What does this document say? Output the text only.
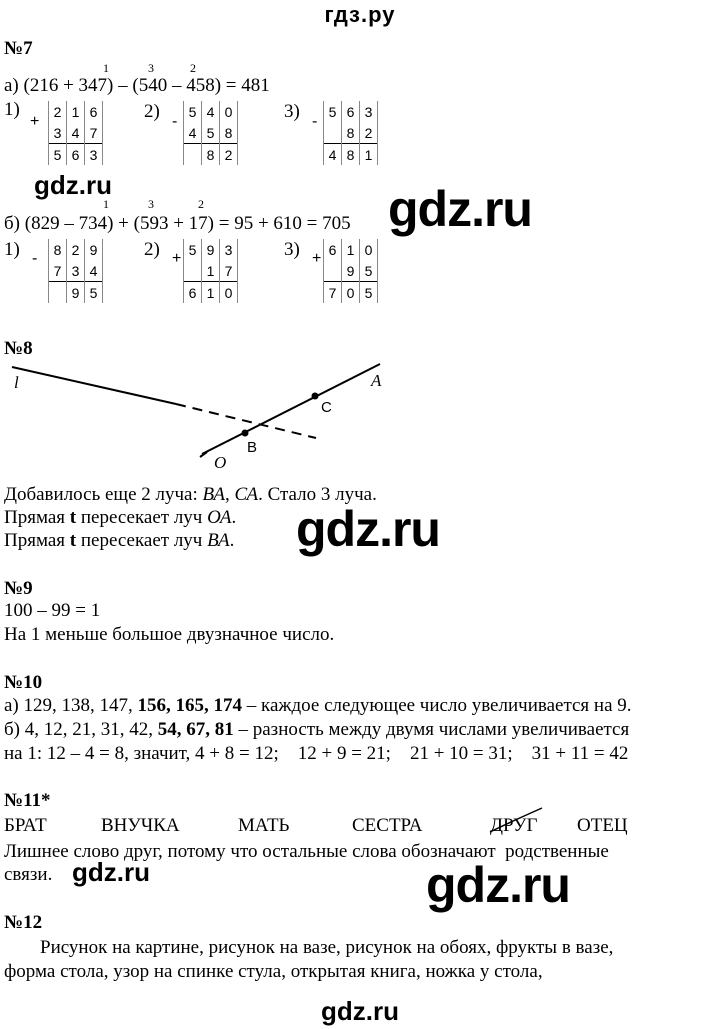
гдз.ру
№7
1	3	2
а) (216 + 347) – (540 – 458) = 481
1)	2)	3)
+	-	-
2	1	6
3	4	7
5	6	3
5	4	0
4	5	8
	8	2
5	6	3
	8	2
4	8	1
gdz.ru	gdz.ru
1	3	2
б) (829 – 734) + (593 + 17) = 95 + 610 = 705
1)	2)	3)
-	+	+
8	2	9
7	3	4
	9	5
5	9	3
	1	7
6	1	0
6	1	0
	9	5
7	0	5
№8
l	A
C
B
O
Добавилось еще 2 луча: ВА, СА. Стало 3 луча.
Прямая t пересекает луч ОА.
Прямая t пересекает луч ВА. gdz.ru
№9
100 – 99 = 1
На 1 меньше большое двузначное число.
№10
а) 129, 138, 147, 156, 165, 174 – каждое следующее число увеличивается на 9.
б) 4, 12, 21, 31, 42, 54, 67, 81 – разность между двумя числами увеличивается
на 1: 12 – 4 = 8, значит, 4 + 8 = 12;    12 + 9 = 21;    21 + 10 = 31;    31 + 11 = 42
№11*
БРАТ	ВНУЧКА	МАТЬ	СЕСТРА	ДРУГ ОТЕЦ
Лишнее слово друг, потому что остальные слова обозначают  родственные
связи. gdz.ru	gdz.ru
№12
Рисунок на картине, рисунок на вазе, рисунок на обоях, фрукты в вазе,
форма стола, узор на спинке стула, открытая книга, ножка у стола,
gdz.ru
